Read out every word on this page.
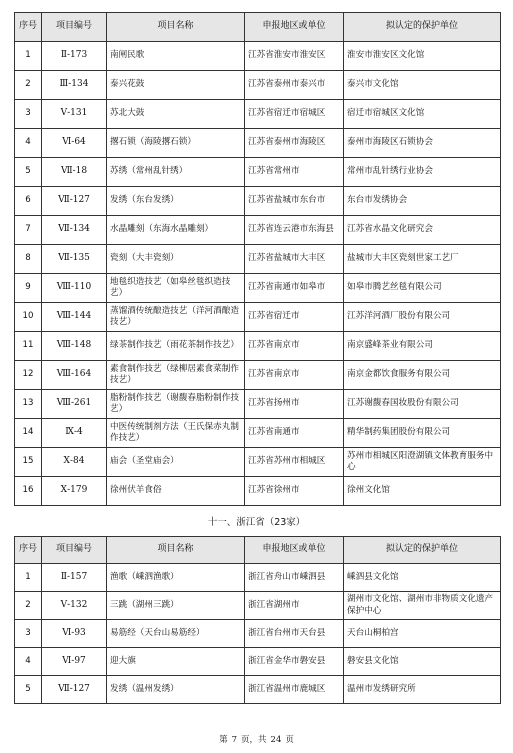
序号	项目编号	项目名称	申报地区或单位	拟认定的保护单位
1	Ⅱ-173	南闸民歌	江苏省淮安市淮安区	淮安市淮安区文化馆
2	Ⅲ-134	泰兴花鼓	江苏省泰州市泰兴市	泰兴市文化馆
3	Ⅴ-131	苏北大鼓	江苏省宿迁市宿城区	宿迁市宿城区文化馆
4	Ⅵ-64	撂石锁（海陵撂石锁）	江苏省泰州市海陵区	泰州市海陵区石锁协会
5	Ⅶ-18	苏绣（常州乱针绣）	江苏省常州市	常州市乱针绣行业协会
6	Ⅶ-127	发绣（东台发绣）	江苏省盐城市东台市	东台市发绣协会
7	Ⅶ-134	水晶雕刻（东海水晶雕刻）	江苏省连云港市东海县	江苏省水晶文化研究会
8	Ⅶ-135	瓷刻（大丰瓷刻）	江苏省盐城市大丰区	盐城市大丰区瓷刻世家工艺厂
9	Ⅷ-110	地毯织造技艺（如皋丝毯织造技艺）	江苏省南通市如皋市	如皋市腾艺丝毯有限公司
10	Ⅷ-144	蒸馏酒传统酿造技艺（洋河酒酿造技艺）	江苏省宿迁市	江苏洋河酒厂股份有限公司
11	Ⅷ-148	绿茶制作技艺（雨花茶制作技艺）	江苏省南京市	南京盛峰茶业有限公司
12	Ⅷ-164	素食制作技艺（绿柳居素食菜制作技艺）	江苏省南京市	南京金都饮食服务有限公司
13	Ⅷ-261	脂粉制作技艺（谢馥春脂粉制作技艺）	江苏省扬州市	江苏谢馥春国妆股份有限公司
14	Ⅸ-4	中医传统制剂方法（王氏保赤丸制作技艺）	江苏省南通市	精华制药集团股份有限公司
15	Ⅹ-84	庙会（圣堂庙会）	江苏省苏州市相城区	苏州市相城区阳澄湖镇文体教育服务中心
16	Ⅹ-179	徐州伏羊食俗	江苏省徐州市	徐州文化馆
十一、浙江省（23家）
序号	项目编号	项目名称	申报地区或单位	拟认定的保护单位
1	Ⅱ-157	渔歌（嵊泗渔歌）	浙江省舟山市嵊泗县	嵊泗县文化馆
2	Ⅴ-132	三跳（湖州三跳）	浙江省湖州市	湖州市文化馆、湖州市非物质文化遗产保护中心
3	Ⅵ-93	易筋经（天台山易筋经）	浙江省台州市天台县	天台山桐柏宫
4	Ⅵ-97	迎大旗	浙江省金华市磐安县	磐安县文化馆
5	Ⅶ-127	发绣（温州发绣）	浙江省温州市鹿城区	温州市发绣研究所
第 7 页，共 24 页
